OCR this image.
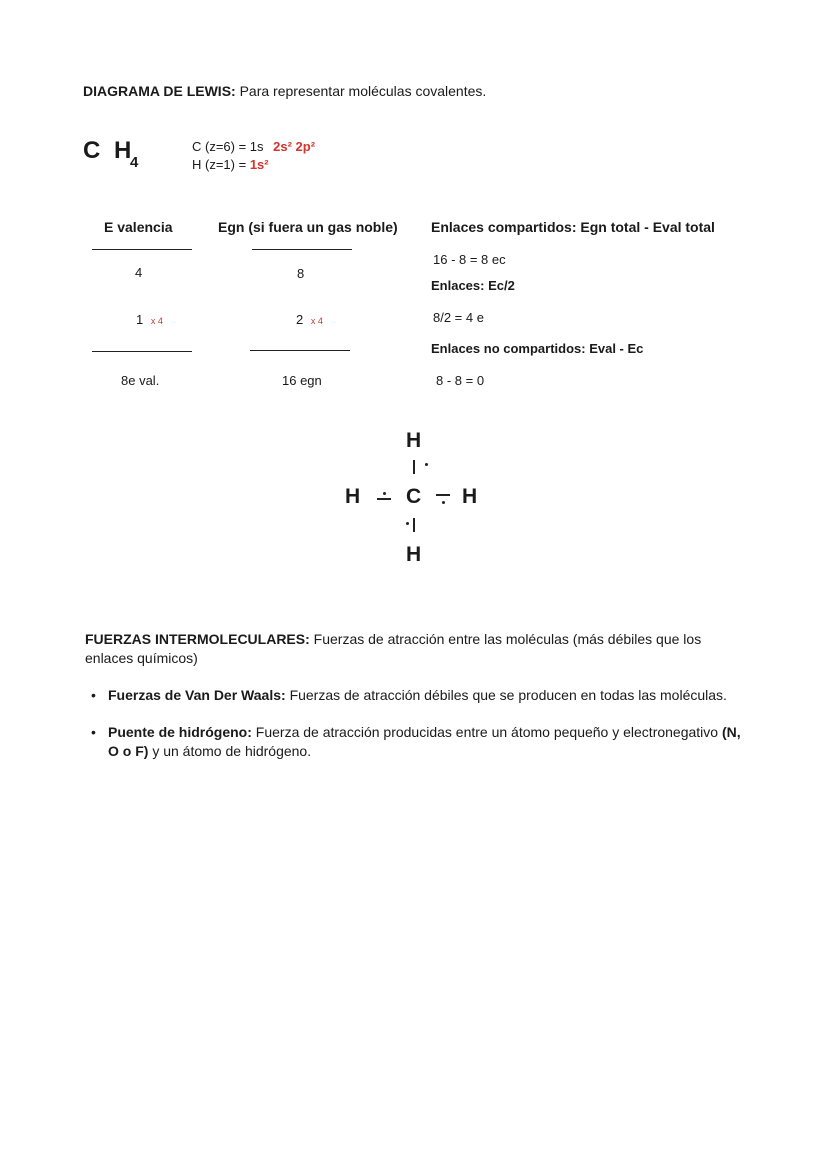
DIAGRAMA DE LEWIS: Para representar moléculas covalentes.
C H
4
C (z=6) = 1s 2s² 2p²
H (z=1) = 1s²
E valencia	Egn (si fuera un gas noble) Enlaces compartidos: Egn total - Eval total
4
1 x 4
8
2 x 4
8e val.	16 egn
16 - 8 = 8 ec
Enlaces: Ec/2
8/2 = 4 e
Enlaces no compartidos: Eval - Ec
8 - 8 = 0
H
H C H
H
FUERZAS INTERMOLECULARES: Fuerzas de atracción entre las moléculas (más débiles que los enlaces químicos)
• Fuerzas de Van Der Waals: Fuerzas de atracción débiles que se producen en todas las moléculas.
• Puente de hidrógeno: Fuerza de atracción producidas entre un átomo pequeño y electronegativo (N, O o F) y un átomo de hidrógeno.
